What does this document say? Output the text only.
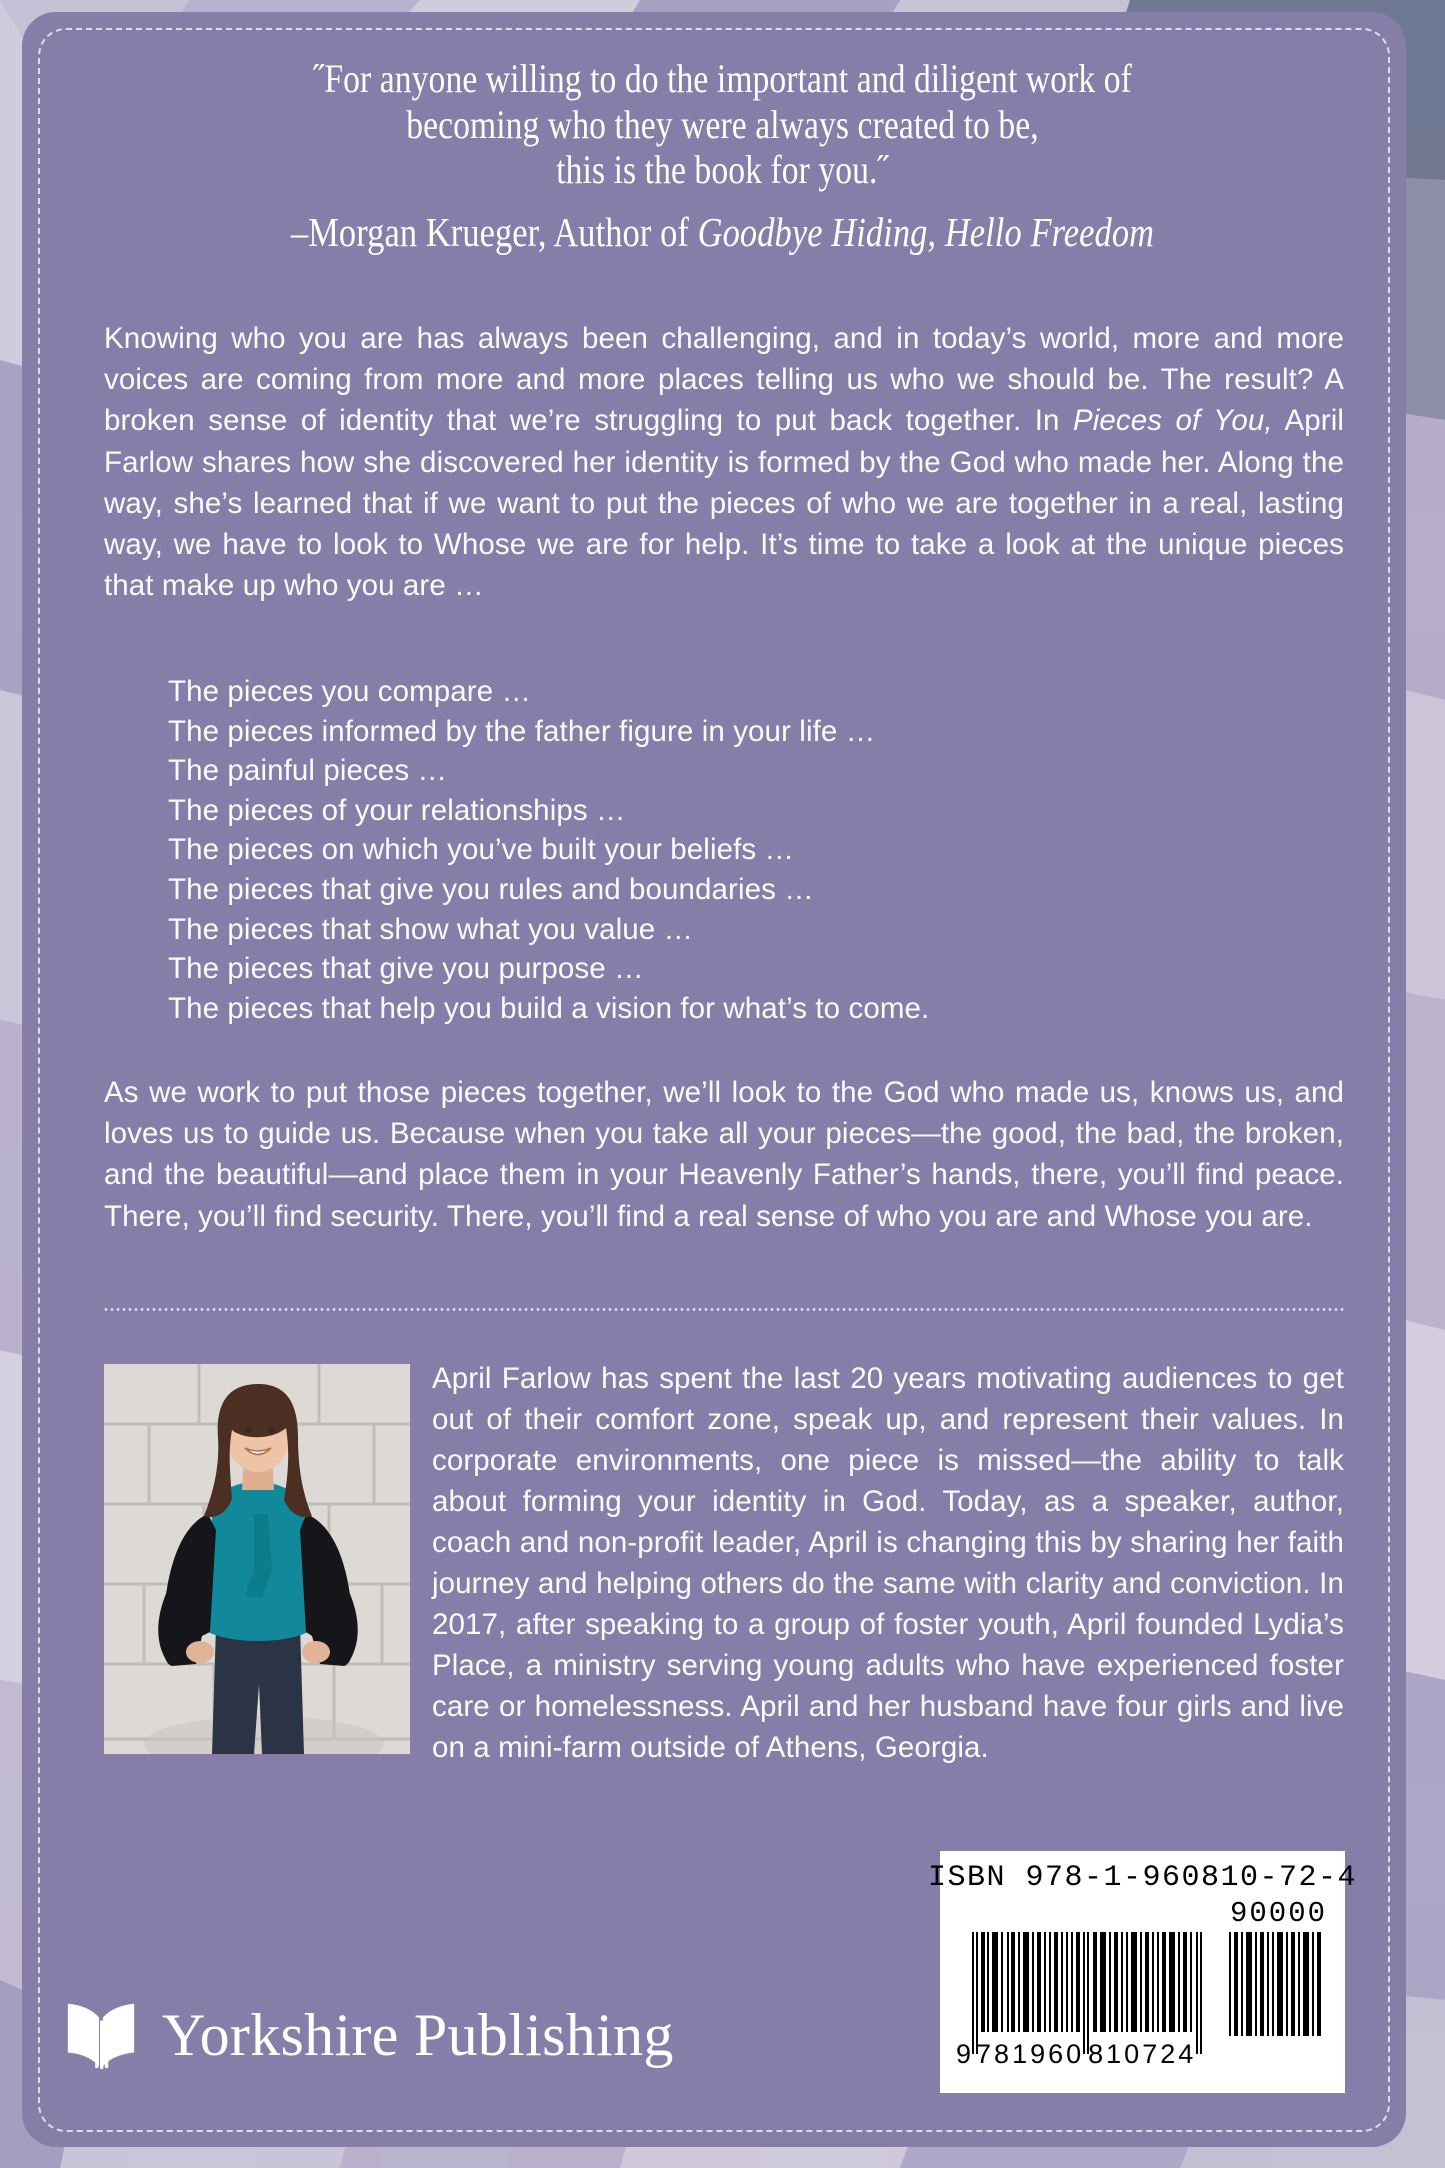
˝For anyone willing to do the important and diligent work of
becoming who they were always created to be,
this is the book for you.˝
–Morgan Krueger, Author of Goodbye Hiding, Hello Freedom

Knowing who you are has always been challenging, and in today’s world, more and more voices are coming from more and more places telling us who we should be. The result? A broken sense of identity that we’re struggling to put back together. In Pieces of You, April Farlow shares how she discovered her identity is formed by the God who made her. Along the way, she’s learned that if we want to put the pieces of who we are together in a real, lasting way, we have to look to Whose we are for help. It’s time to take a look at the unique pieces that make up who you are …

The pieces you compare …
The pieces informed by the father figure in your life …
The painful pieces …
The pieces of your relationships …
The pieces on which you’ve built your beliefs …
The pieces that give you rules and boundaries …
The pieces that show what you value …
The pieces that give you purpose …
The pieces that help you build a vision for what’s to come.

As we work to put those pieces together, we’ll look to the God who made us, knows us, and loves us to guide us. Because when you take all your pieces—the good, the bad, the broken, and the beautiful—and place them in your Heavenly Father’s hands, there, you’ll find peace. There, you’ll find security. There, you’ll find a real sense of who you are and Whose you are.

April Farlow has spent the last 20 years motivating audiences to get out of their comfort zone, speak up, and represent their values. In corporate environments, one piece is missed—the ability to talk about forming your identity in God. Today, as a speaker, author, coach and non-profit leader, April is changing this by sharing her faith journey and helping others do the same with clarity and conviction. In 2017, after speaking to a group of foster youth, April founded Lydia’s Place, a ministry serving young adults who have experienced foster care or homelessness. April and her husband have four girls and live on a mini-farm outside of Athens, Georgia.
Yorkshire Publishing
ISBN 978-1-960810-72-4
90000
9 781960 810724
